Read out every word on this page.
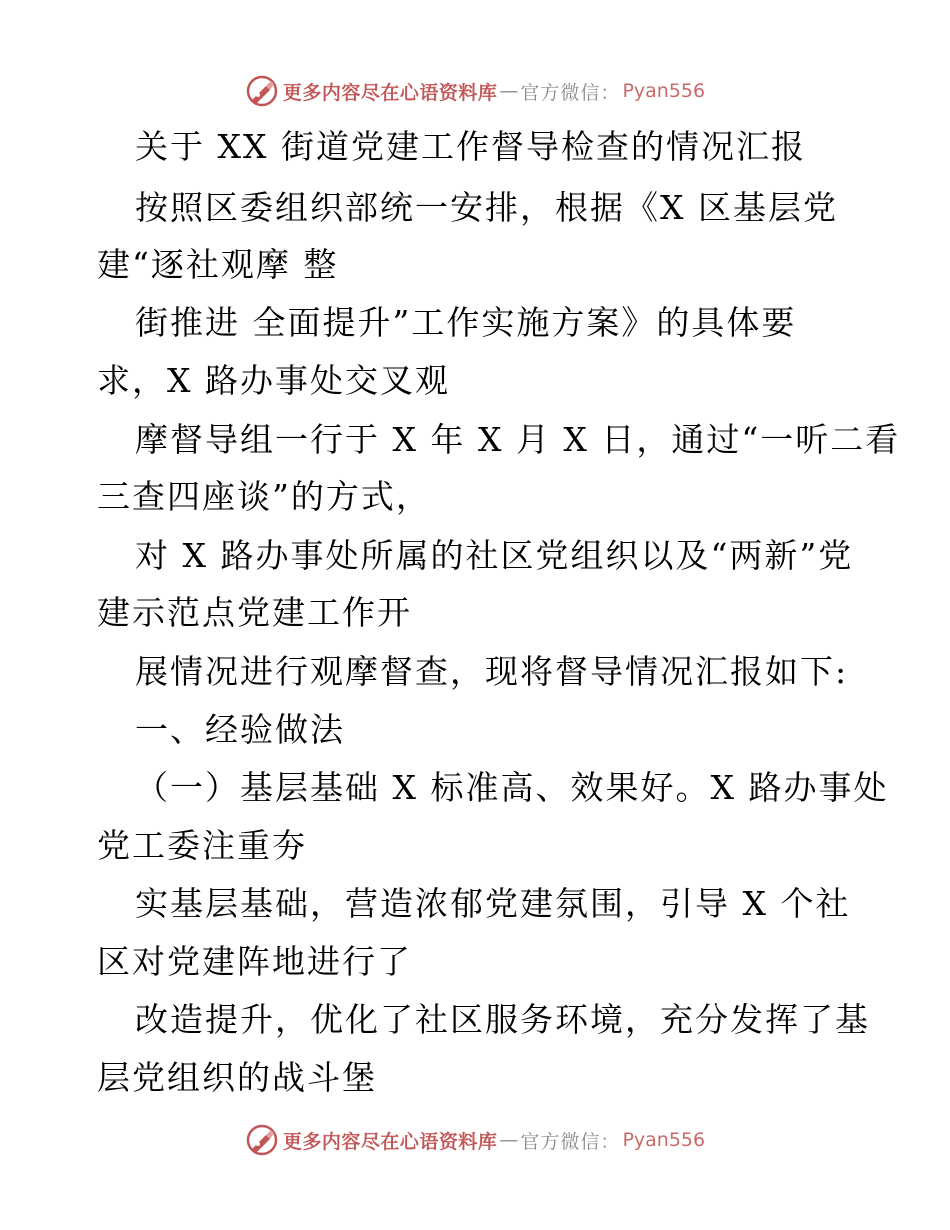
更多内容尽在心语资料库 — 官方微信： Pyan556

关于 XX 街道党建工作督导检查的情况汇报

按照区委组织部统一安排，根据《X 区基层党

建“逐社观摩 整

街推进 全面提升”工作实施方案》的具体要

求，X 路办事处交叉观

摩督导组一行于 X 年 X 月 X 日，通过“一听二看

三查四座谈”的方式，

对 X 路办事处所属的社区党组织以及“两新”党

建示范点党建工作开

展情况进行观摩督查，现将督导情况汇报如下:

一、经验做法

（一）基层基础 X 标准高、效果好。X 路办事处

党工委注重夯

实基层基础，营造浓郁党建氛围，引导 X 个社

区对党建阵地进行了

改造提升，优化了社区服务环境，充分发挥了基

层党组织的战斗堡

更多内容尽在心语资料库 — 官方微信： Pyan556
